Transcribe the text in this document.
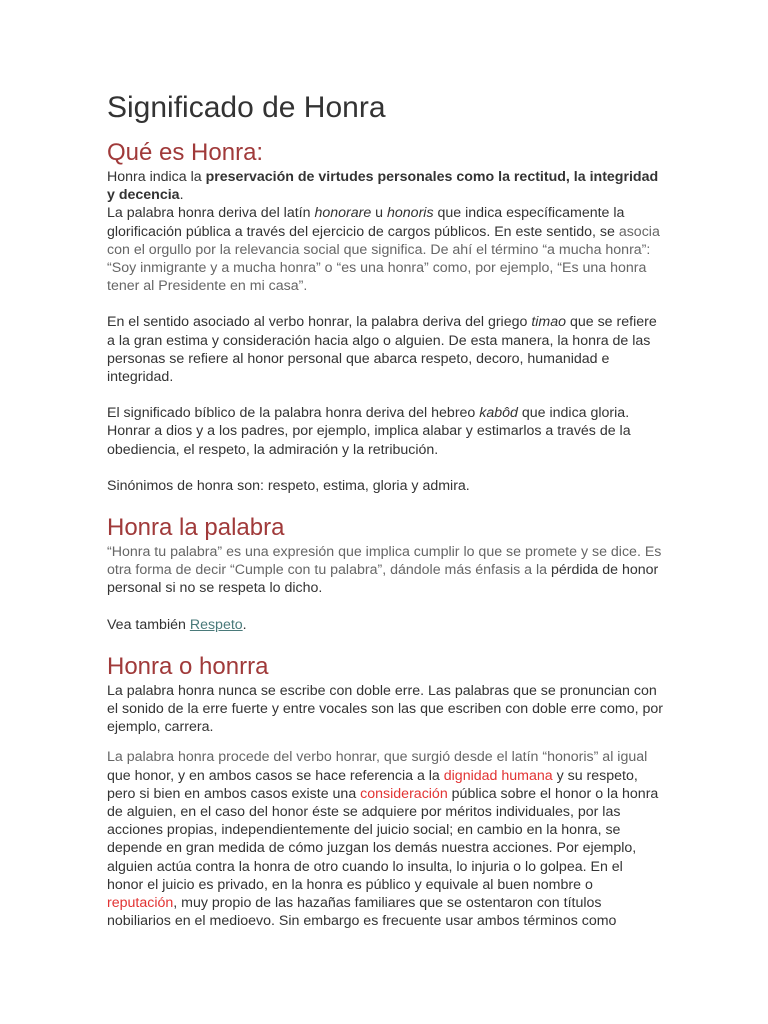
Significado de Honra
Qué es Honra:

Honra indica la preservación de virtudes personales como la rectitud, la integridad y decencia.

La palabra honra deriva del latín honorare u honoris que indica específicamente la glorificación pública a través del ejercicio de cargos públicos. En este sentido, se asocia con el orgullo por la relevancia social que significa. De ahí el término “a mucha honra”: “Soy inmigrante y a mucha honra” o “es una honra” como, por ejemplo, “Es una honra tener al Presidente en mi casa”.

En el sentido asociado al verbo honrar, la palabra deriva del griego timao que se refiere a la gran estima y consideración hacia algo o alguien. De esta manera, la honra de las personas se refiere al honor personal que abarca respeto, decoro, humanidad e integridad.

El significado bíblico de la palabra honra deriva del hebreo kabôd que indica gloria. Honrar a dios y a los padres, por ejemplo, implica alabar y estimarlos a través de la obediencia, el respeto, la admiración y la retribución.

Sinónimos de honra son: respeto, estima, gloria y admira.

Honra la palabra

“Honra tu palabra” es una expresión que implica cumplir lo que se promete y se dice. Es otra forma de decir “Cumple con tu palabra”, dándole más énfasis a la pérdida de honor personal si no se respeta lo dicho.

Vea también Respeto.

Honra o honrra

La palabra honra nunca se escribe con doble erre. Las palabras que se pronuncian con el sonido de la erre fuerte y entre vocales son las que escriben con doble erre como, por ejemplo, carrera.

La palabra honra procede del verbo honrar, que surgió desde el latín “honoris” al igual que honor, y en ambos casos se hace referencia a la dignidad humana y su respeto, pero si bien en ambos casos existe una consideración pública sobre el honor o la honra de alguien, en el caso del honor éste se adquiere por méritos individuales, por las acciones propias, independientemente del juicio social; en cambio en la honra, se depende en gran medida de cómo juzgan los demás nuestra acciones. Por ejemplo, alguien actúa contra la honra de otro cuando lo insulta, lo injuria o lo golpea. En el honor el juicio es privado, en la honra es público y equivale al buen nombre o reputación, muy propio de las hazañas familiares que se ostentaron con títulos nobiliarios en el medioevo. Sin embargo es frecuente usar ambos términos como
